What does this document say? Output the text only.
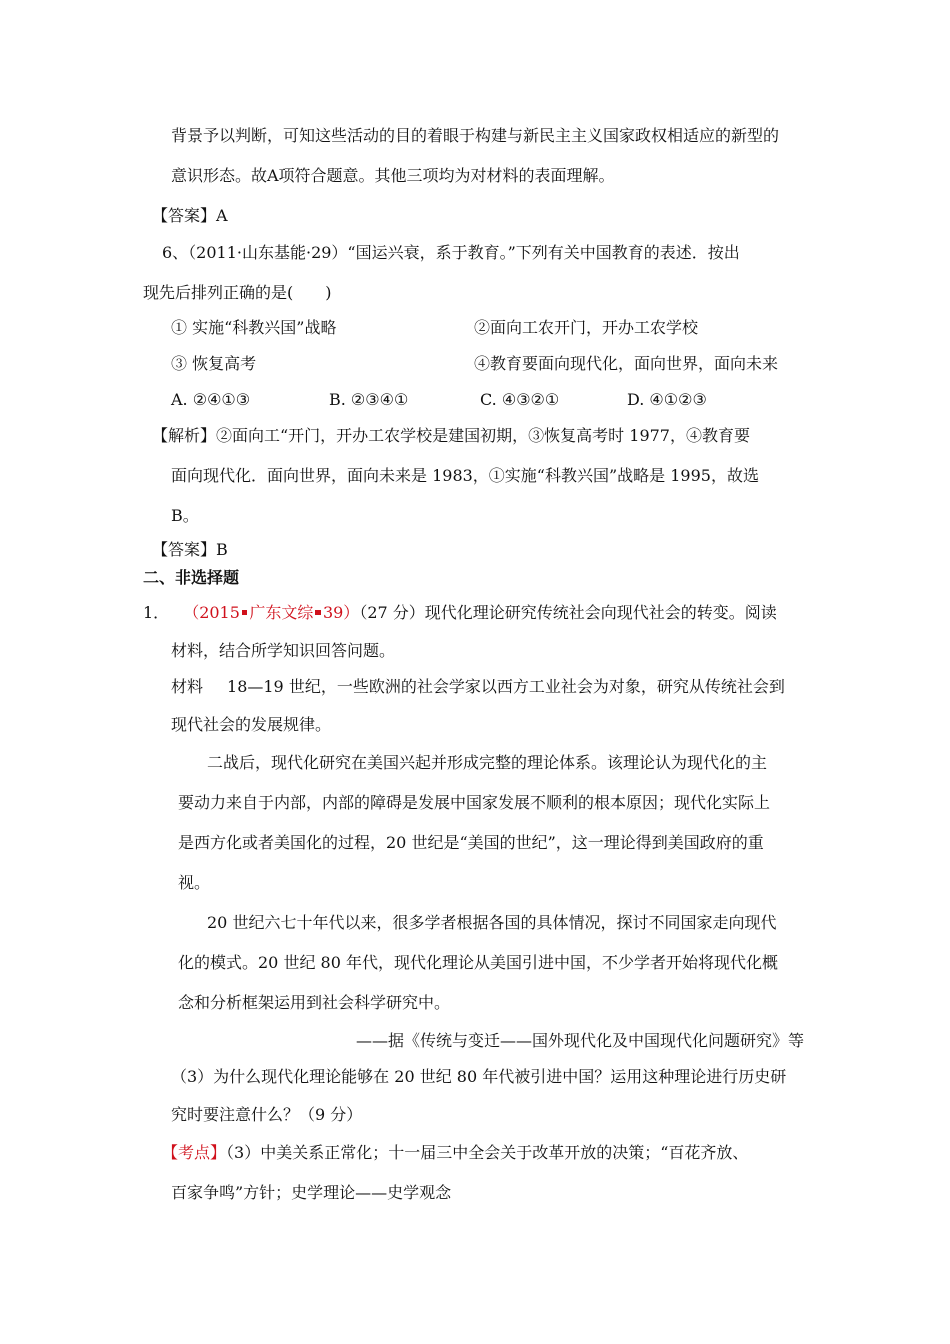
背景予以判断，可知这些活动的目的着眼于构建与新民主主义国家政权相适应的新型的
意识形态。故A项符合题意。其他三项均为对材料的表面理解。
【答案】A
6、（2011·山东基能·29）“国运兴衰，系于教育。”下列有关中国教育的表述．按出
现先后排列正确的是(　　)
① 实施“科教兴国”战略	②面向工农开门，开办工农学校
③ 恢复高考	④教育要面向现代化，面向世界，面向未来
A. ②④①③	B. ②③④①	C. ④③②①	D. ④①②③
【解析】②面向工“开门，开办工农学校是建国初期，③恢复高考时 1977，④教育要
面向现代化．面向世界，面向未来是 1983，①实施“科教兴国”战略是 1995，故选
B。
【答案】B
二、非选择题
1． （2015 广东文综 39）（27 分）现代化理论研究传统社会向现代社会的转变。阅读
材料，结合所学知识回答问题。
材料 18—19 世纪，一些欧洲的社会学家以西方工业社会为对象，研究从传统社会到
现代社会的发展规律。
二战后，现代化研究在美国兴起并形成完整的理论体系。该理论认为现代化的主
要动力来自于内部，内部的障碍是发展中国家发展不顺利的根本原因；现代化实际上
是西方化或者美国化的过程，20 世纪是“美国的世纪”，这一理论得到美国政府的重
视。
20 世纪六七十年代以来，很多学者根据各国的具体情况，探讨不同国家走向现代
化的模式。20 世纪 80 年代，现代化理论从美国引进中国，不少学者开始将现代化概
念和分析框架运用到社会科学研究中。
——据《传统与变迁——国外现代化及中国现代化问题研究》等
（3）为什么现代化理论能够在 20 世纪 80 年代被引进中国？运用这种理论进行历史研
究时要注意什么？（9 分）
【考点】（3）中美关系正常化；十一届三中全会关于改革开放的决策；“百花齐放、
百家争鸣”方针；史学理论——史学观念
